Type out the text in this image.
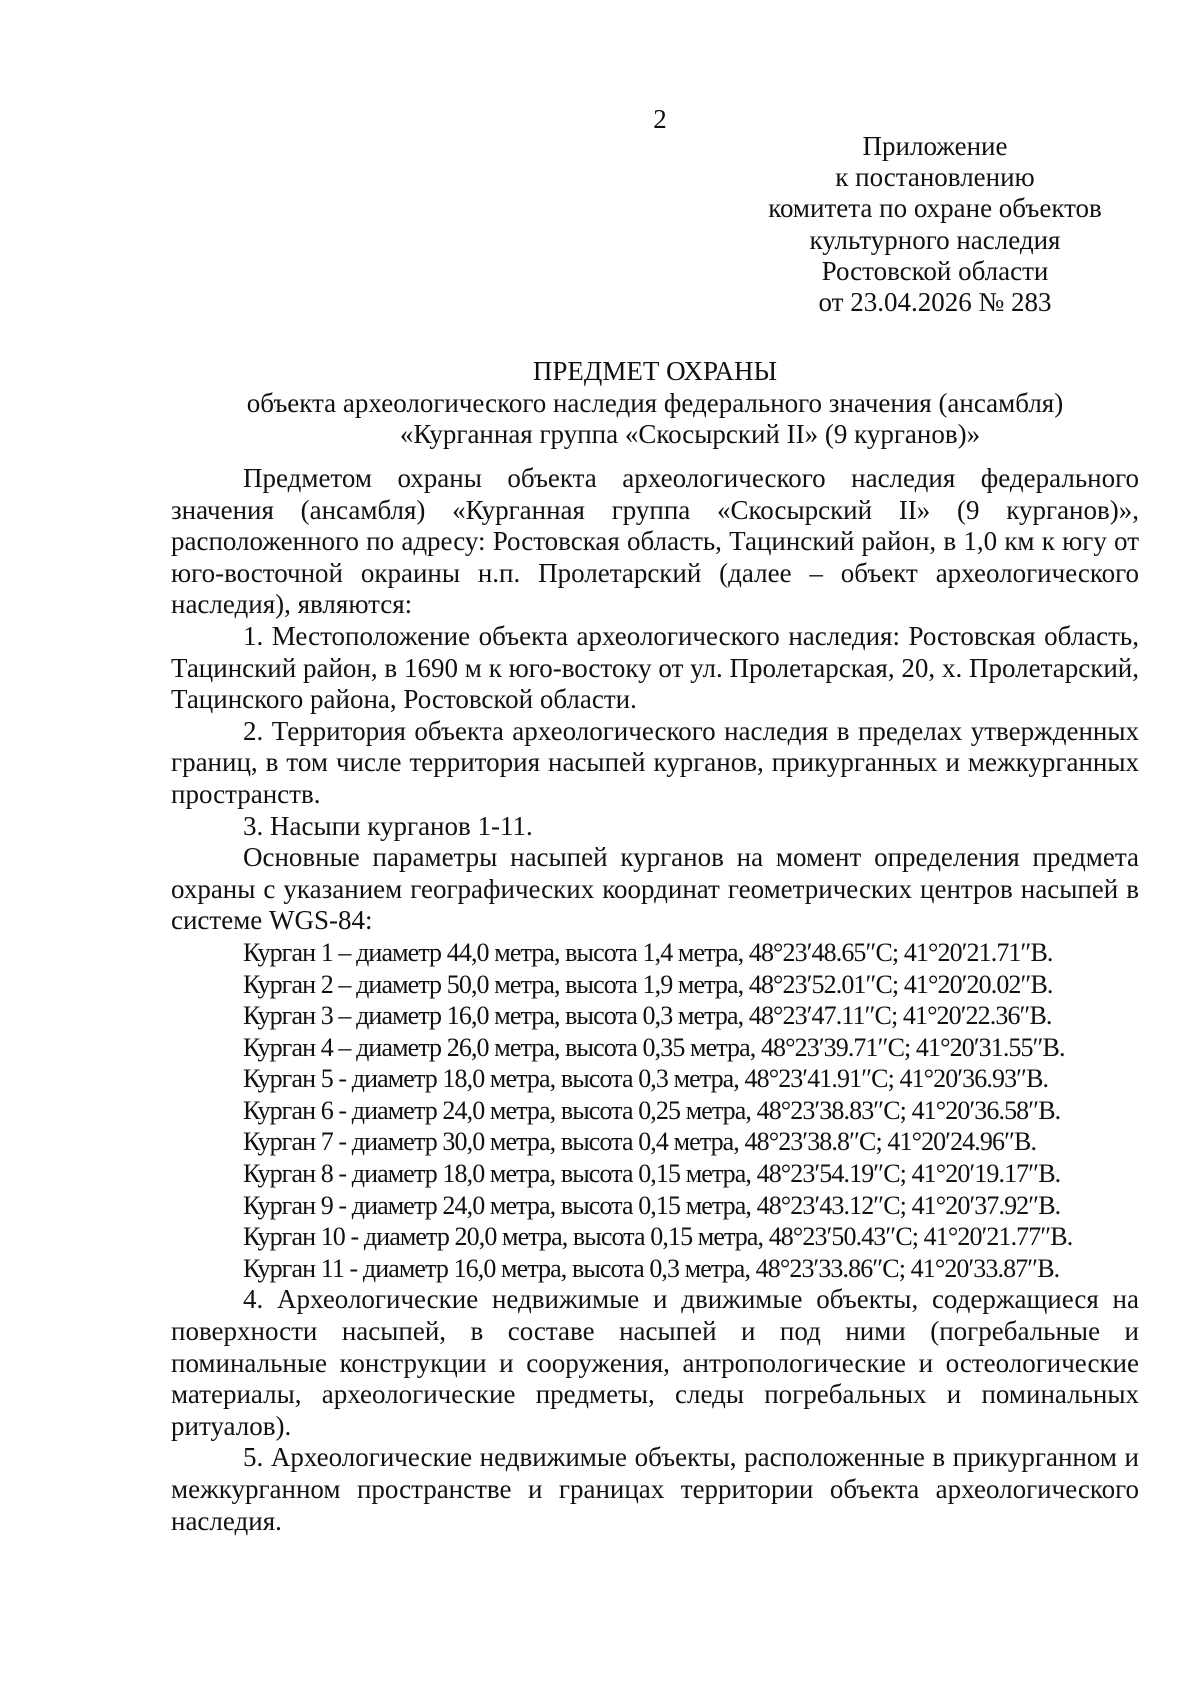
2
Приложение
к постановлению
комитета по охране объектов
культурного наследия
Ростовской области
от 23.04.2026 № 283
ПРЕДМЕТ ОХРАНЫ
объекта археологического наследия федерального значения (ансамбля)
«Курганная группа «Скосырский II» (9 курганов)»

Предметом охраны объекта археологического наследия федерального значения (ансамбля) «Курганная группа «Скосырский II» (9 курганов)», расположенного по адресу: Ростовская область, Тацинский район, в 1,0 км к югу от юго-восточной окраины н.п. Пролетарский (далее – объект археологического наследия), являются:

1. Местоположение объекта археологического наследия: Ростовская область, Тацинский район, в 1690 м к юго-востоку от ул. Пролетарская, 20, х. Пролетарский, Тацинского района, Ростовской области.

2. Территория объекта археологического наследия в пределах утвержденных границ, в том числе территория насыпей курганов, прикурганных и межкурганных пространств.

3. Насыпи курганов 1-11.

Основные параметры насыпей курганов на момент определения предмета охраны с указанием географических координат геометрических центров насыпей в системе WGS-84:

Курган 1 – диаметр 44,0 метра, высота 1,4 метра, 48°23′48.65″С; 41°20′21.71″В.
Курган 2 – диаметр 50,0 метра, высота 1,9 метра, 48°23′52.01″С; 41°20′20.02″В.
Курган 3 – диаметр 16,0 метра, высота 0,3 метра, 48°23′47.11″С; 41°20′22.36″В.
Курган 4 – диаметр 26,0 метра, высота 0,35 метра, 48°23′39.71″С; 41°20′31.55″В.
Курган 5 - диаметр 18,0 метра, высота 0,3 метра, 48°23′41.91″С; 41°20′36.93″В.
Курган 6 - диаметр 24,0 метра, высота 0,25 метра, 48°23′38.83″С; 41°20′36.58″В.
Курган 7 - диаметр 30,0 метра, высота 0,4 метра, 48°23′38.8″С; 41°20′24.96″В.
Курган 8 - диаметр 18,0 метра, высота 0,15 метра, 48°23′54.19″С; 41°20′19.17″В.
Курган 9 - диаметр 24,0 метра, высота 0,15 метра, 48°23′43.12″С; 41°20′37.92″В.
Курган 10 - диаметр 20,0 метра, высота 0,15 метра, 48°23′50.43″С; 41°20′21.77″В.
Курган 11 - диаметр 16,0 метра, высота 0,3 метра, 48°23′33.86″С; 41°20′33.87″В.

4. Археологические недвижимые и движимые объекты, содержащиеся на поверхности насыпей, в составе насыпей и под ними (погребальные и поминальные конструкции и сооружения, антропологические и остеологические материалы, археологические предметы, следы погребальных и поминальных ритуалов).

5. Археологические недвижимые объекты, расположенные в прикурганном и межкурганном пространстве и границах территории объекта археологического наследия.
